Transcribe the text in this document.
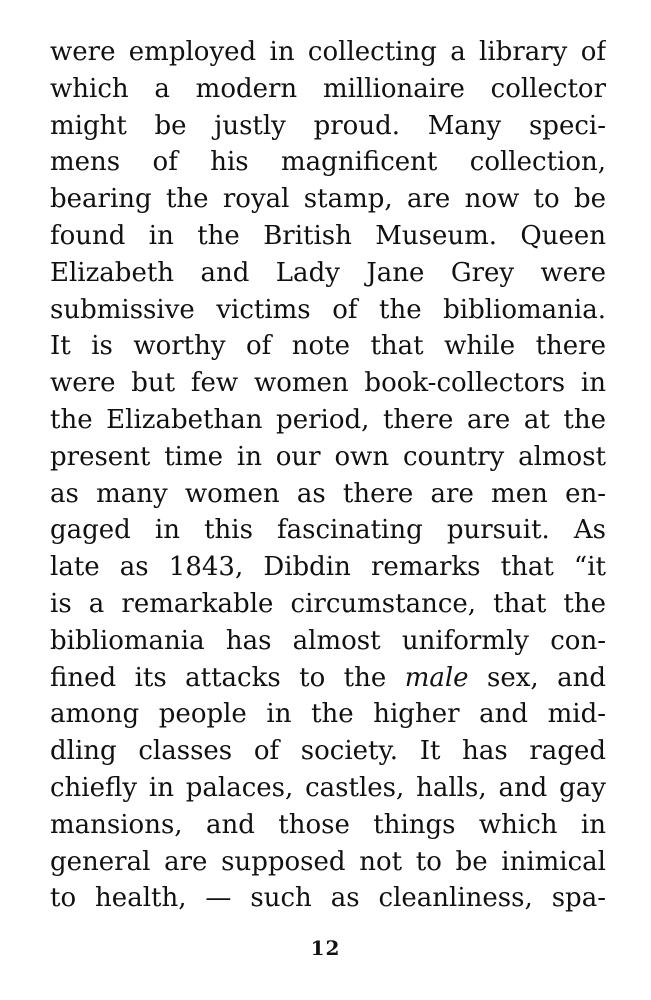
were employed in collecting a library of
which a modern millionaire collector
might be justly proud. Many speci-
mens of his magnificent collection,
bearing the royal stamp, are now to be
found in the British Museum. Queen
Elizabeth and Lady Jane Grey were
submissive victims of the bibliomania.
It is worthy of note that while there
were but few women book-collectors in
the Elizabethan period, there are at the
present time in our own country almost
as many women as there are men en-
gaged in this fascinating pursuit. As
late as 1843, Dibdin remarks that “it
is a remarkable circumstance, that the
bibliomania has almost uniformly con-
fined its attacks to the male sex, and
among people in the higher and mid-
dling classes of society. It has raged
chiefly in palaces, castles, halls, and gay
mansions, and those things which in
general are supposed not to be inimical
to health, — such as cleanliness, spa-
12
